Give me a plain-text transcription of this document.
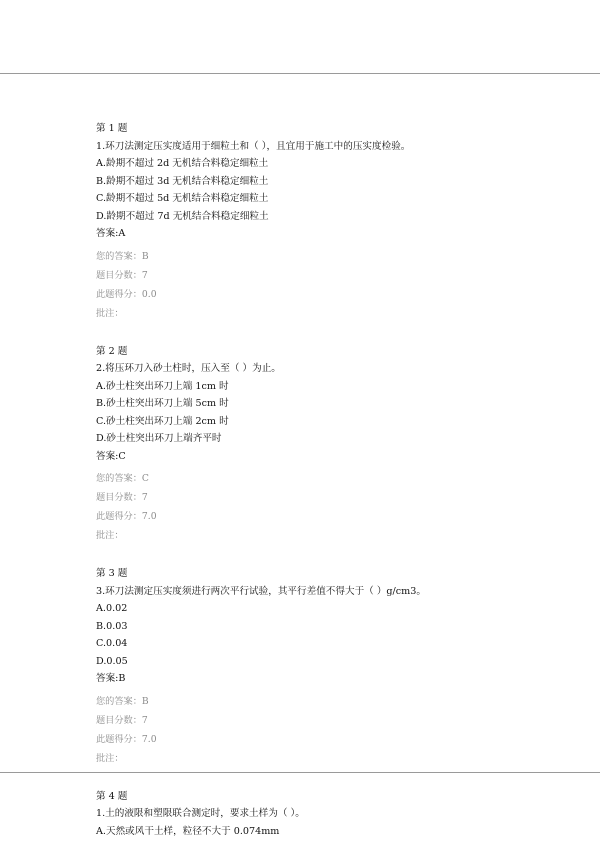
第 1 题
1.环刀法测定压实度适用于细粒土和（ ），且宜用于施工中的压实度检验。
A.龄期不超过 2d 无机结合料稳定细粒土
B.龄期不超过 3d 无机结合料稳定细粒土
C.龄期不超过 5d 无机结合料稳定细粒土
D.龄期不超过 7d 无机结合料稳定细粒土
答案:A
您的答案：B
题目分数：7
此题得分：0.0
批注：
第 2 题
2.将压环刀入砂土柱时，压入至（ ）为止。
A.砂土柱突出环刀上端 1cm 时
B.砂土柱突出环刀上端 5cm 时
C.砂土柱突出环刀上端 2cm 时
D.砂土柱突出环刀上端齐平时
答案:C
您的答案：C
题目分数：7
此题得分：7.0
批注：
第 3 题
3.环刀法测定压实度须进行两次平行试验，其平行差值不得大于（ ）g/cm3。
A.0.02
B.0.03
C.0.04
D.0.05
答案:B
您的答案：B
题目分数：7
此题得分：7.0
批注：
第 4 题
1.土的液限和塑限联合测定时，要求土样为（ ）。
A.天然或风干土样，粒径不大于 0.074mm
